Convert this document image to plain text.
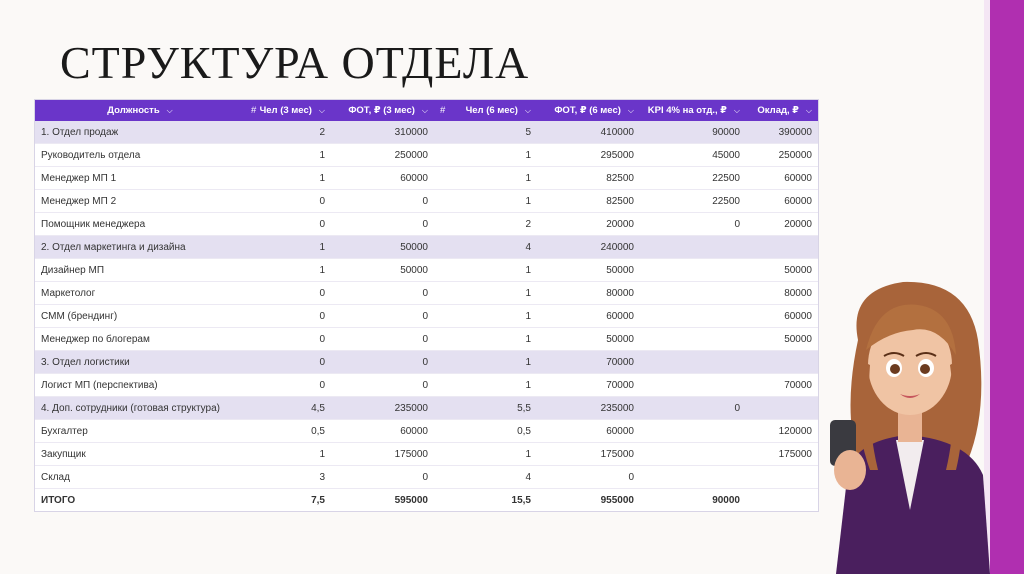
СТРУКТУРА ОТДЕЛА
Должность ⌵	# Чел (3 мес) ⌵	ФОТ, ₽ (3 мес) ⌵	# Чел (6 мес) ⌵	ФОТ, ₽ (6 мес) ⌵	KPI 4% на отд., ₽ ⌵	Оклад, ₽ ⌵
1. Отдел продаж	2	310000	5	410000	90000	390000
Руководитель отдела	1	250000	1	295000	45000	250000
Менеджер МП 1	1	60000	1	82500	22500	60000
Менеджер МП 2	0	0	1	82500	22500	60000
Помощник менеджера	0	0	2	20000	0	20000
2. Отдел маркетинга и дизайна	1	50000	4	240000		
Дизайнер МП	1	50000	1	50000		50000
Маркетолог	0	0	1	80000		80000
СММ (брендинг)	0	0	1	60000		60000
Менеджер по блогерам	0	0	1	50000		50000
3. Отдел логистики	0	0	1	70000		
Логист МП (перспектива)	0	0	1	70000		70000
4. Доп. сотрудники (готовая структура)	4,5	235000	5,5	235000	0	
Бухгалтер	0,5	60000	0,5	60000		120000
Закупщик	1	175000	1	175000		175000
Склад	3	0	4	0		
ИТОГО	7,5	595000	15,5	955000	90000	
